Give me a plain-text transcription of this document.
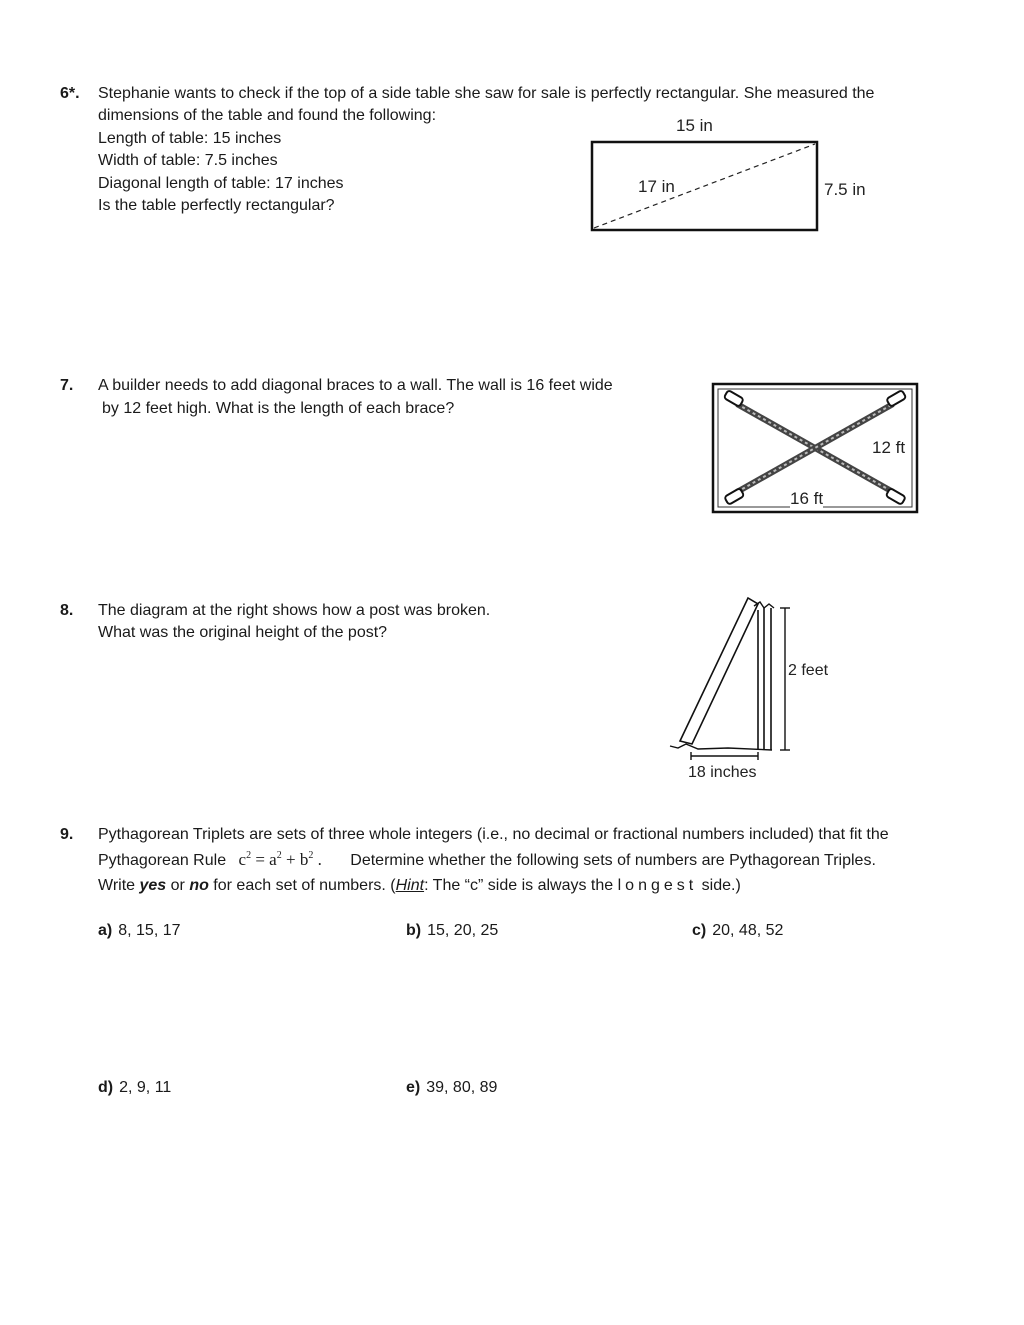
6*. Stephanie wants to check if the top of a side table she saw for sale is perfectly rectangular. She measured the
dimensions of the table and found the following:
Length of table: 15 inches
Width of table: 7.5 inches
Diagonal length of table: 17 inches
Is the table perfectly rectangular?
15 in
17 in	7.5 in
7. A builder needs to add diagonal braces to a wall. The wall is 16 feet wide
by 12 feet high. What is the length of each brace?
12 ft
16 ft
8. The diagram at the right shows how a post was broken.
What was the original height of the post?
2 feet
18 inches
9. Pythagorean Triplets are sets of three whole integers (i.e., no decimal or fractional numbers included) that fit the
Pythagorean Rule $c^2 = a^2 + b^2$ . Determine whether the following sets of numbers are Pythagorean Triples.
Write yes or no for each set of numbers. (Hint: The “c” side is always the longest side.)
a) 8, 15, 17	b) 15, 20, 25	c) 20, 48, 52
d) 2, 9, 11	e) 39, 80, 89
